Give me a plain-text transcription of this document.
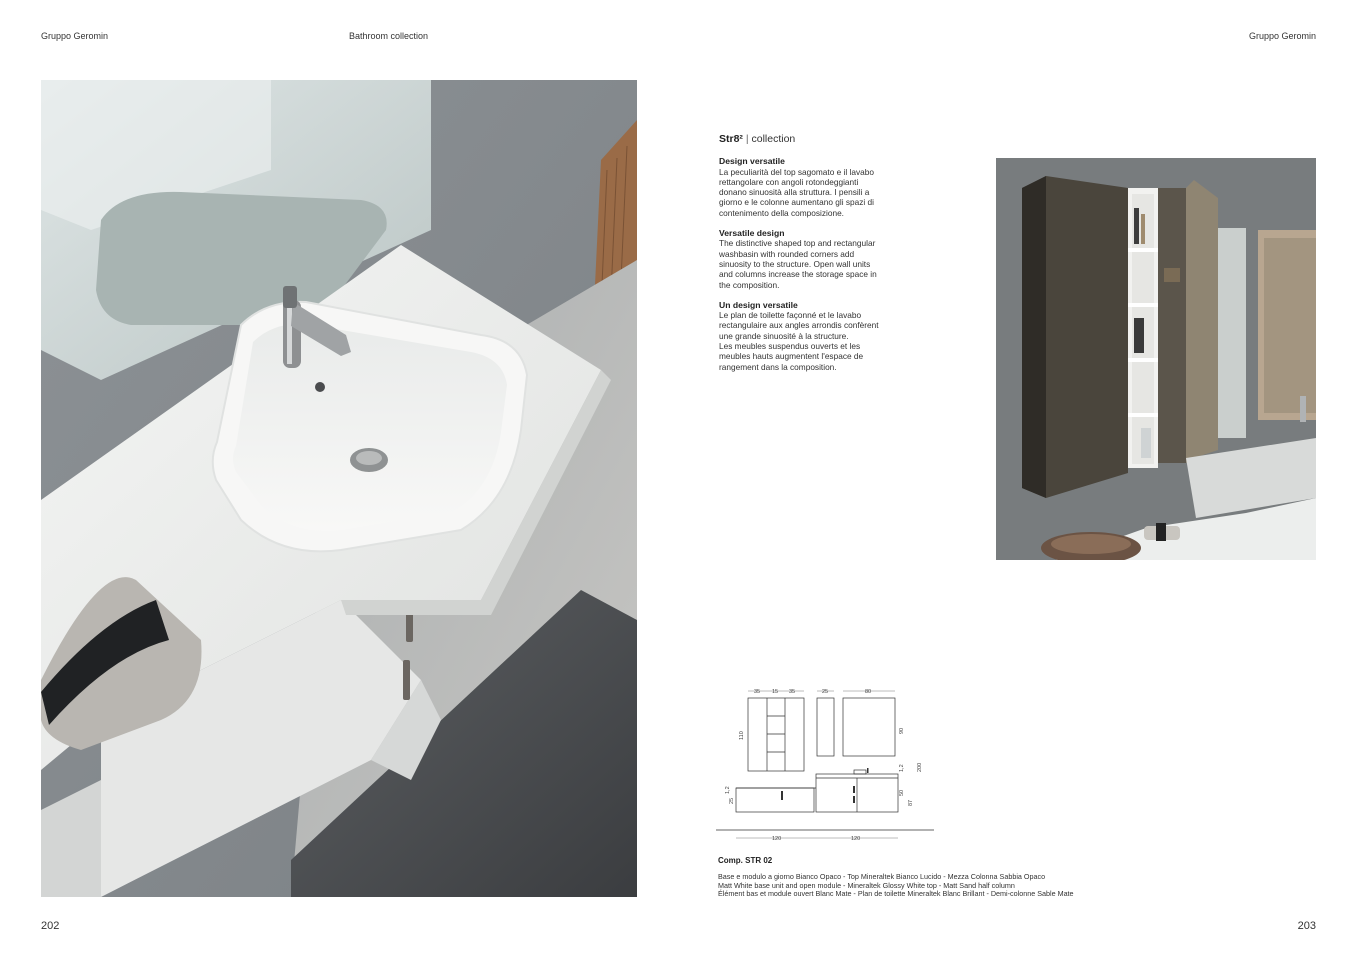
Gruppo Geromin	Bathroom collection	Gruppo Geromin
Str8² | collection
Design versatile

La peculiarità del top sagomato e il lavabo
rettangolare con angoli rotondeggianti
donano sinuosità alla struttura. I pensili a
giorno e le colonne aumentano gli spazi di
contenimento della composizione.

Versatile design

The distinctive shaped top and rectangular
washbasin with rounded corners add
sinuosity to the structure. Open wall units
and columns increase the storage space in
the composition.

Un design versatile

Le plan de toilette façonné et le lavabo
rectangulaire aux angles arrondis confèrent
une grande sinuosité à la structure.
Les meubles suspendus ouverts et les
meubles hauts augmentent l'espace de
rangement dans la composition.

35 15 35	25	80
110
90
1,2 200
50
87
1,2
25
120	120
Comp. STR 02
Base e modulo a giorno Bianco Opaco - Top Mineraltek Bianco Lucido - Mezza Colonna Sabbia Opaco
Matt White base unit and open module - Mineraltek Glossy White top - Matt Sand half column
Élément bas et module ouvert Blanc Mate - Plan de toilette Mineraltek Blanc Brillant - Demi-colonne Sable Mate
202	203
